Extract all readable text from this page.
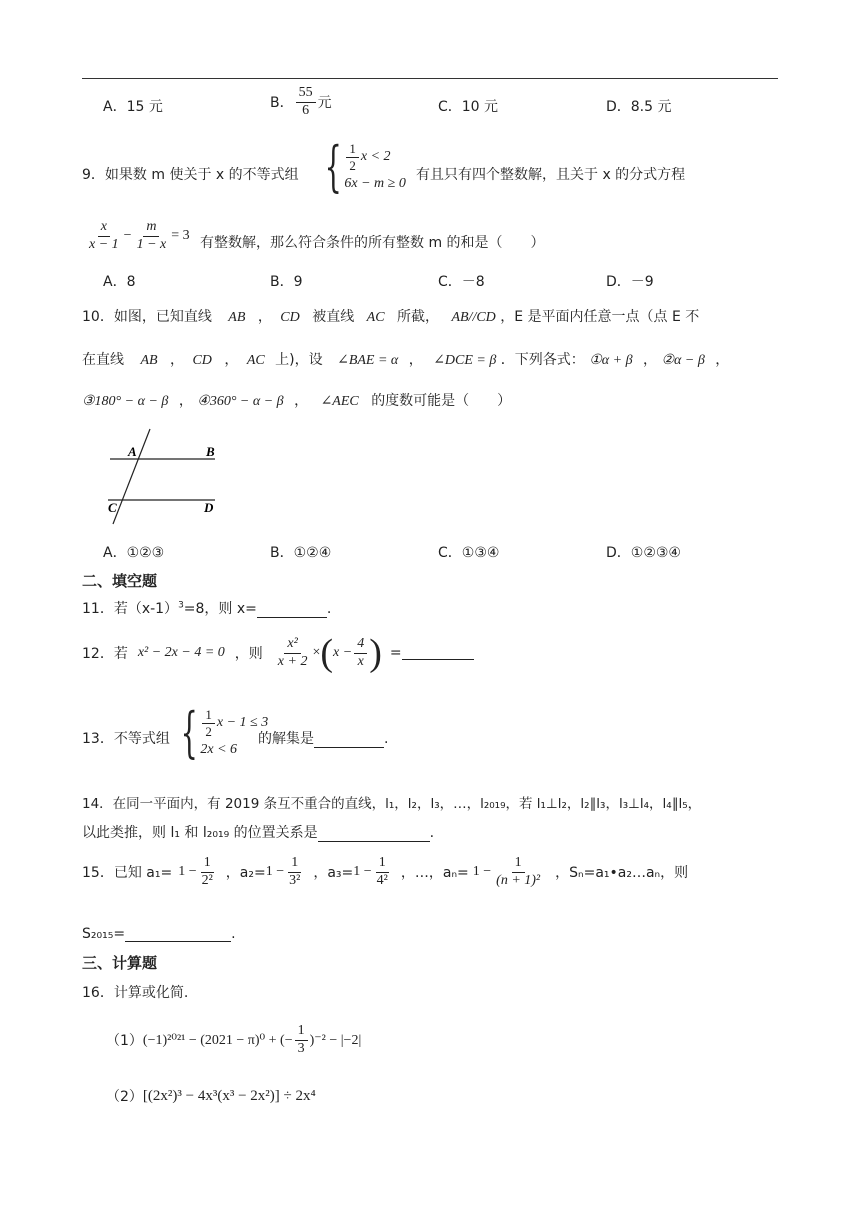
A．15 元	B． $\frac{55}{6}$ 元	C．10 元	D．8.5 元
9．如果数 m 使关于 x 的不等式组 { $\frac{1}{2}$ x < 2
6x − m ≥ 0
有且只有四个整数解，且关于 x 的分式方程
$\frac{x}{x - 1} - \frac{m}{1 - x} = 3$ 有整数解，那么符合条件的所有整数 m 的和是（　　）
A．8	B．9	C．－8	D．－9
10．如图，已知直线 AB ， CD 被直线 AC 所截， AB//CD ，E 是平面内任意一点（点 E 不
在直线 AB ， CD ， AC 上)，设 ∠BAE = α ， ∠DCE = β ．下列各式： ①α + β ， ②α − β ，
③180° − α − β ， ④360° − α − β ， ∠AEC 的度数可能是（　　）
A	B
C	D
A．①②③	B．①②④	C．①③④	D．①②③④
二、填空题
11．若$(x-1)^3=8$，则 x=	.
12．若 x² − 2x − 4 = 0 ，则 $\frac{\text{x²}}{x + 2}$ × ( $x - \frac{4}{x}$ ) =
13．不等式组 { $\frac{1}{2}$ x − 1 ≤ 3
2x < 6
的解集是	.
14．在同一平面内，有 2019 条互不重合的直线，l₁，l₂，l₃，…，l₂₀₁₉，若 l₁⊥l₂，l₂∥l₃，l₃⊥l₄，l₄∥l₅，
以此类推，则 l₁ 和 l₂₀₁₉ 的位置关系是	.
15．已知 $a_1= 1 - \frac{1}{\text{2²}}$ ，$a_2= 1 - \frac{1}{\text{3²}}$ ，$a_3= 1 - \frac{1}{\text{4²}}$ ，…，$a_n= 1 - \frac{1}{\text{(n + 1)²}}$ ，Sₙ=a₁•a₂…aₙ，则
S₂₀₁₅=	.
三、计算题
16．计算或化简.
（1） (−1)²⁰²¹ − (2021 − π)⁰ + (− $\frac{1}{3} )^{-2} - |-2|$
（2） [(2x²)³ − 4x³(x³ − 2x²)] ÷ 2x⁴
